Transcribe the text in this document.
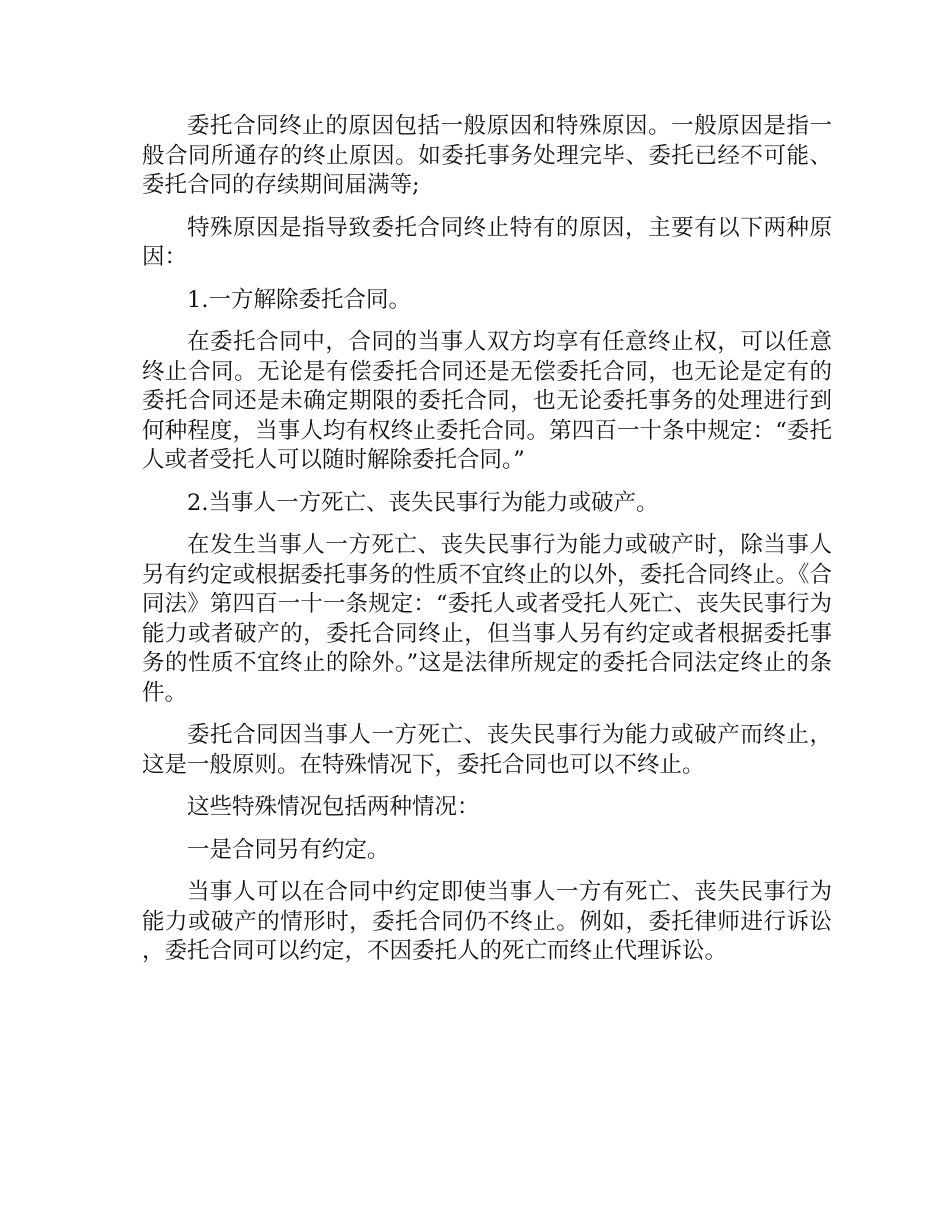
委托合同终止的原因包括一般原因和特殊原因。一般原因是指一般合同所通存的终止原因。如委托事务处理完毕、委托已经不可能、委托合同的存续期间届满等;

特殊原因是指导致委托合同终止特有的原因，主要有以下两种原因：

1.一方解除委托合同。

在委托合同中，合同的当事人双方均享有任意终止权，可以任意终止合同。无论是有偿委托合同还是无偿委托合同，也无论是定有的委托合同还是未确定期限的委托合同，也无论委托事务的处理进行到何种程度，当事人均有权终止委托合同。第四百一十条中规定：“委托人或者受托人可以随时解除委托合同。”

2.当事人一方死亡、丧失民事行为能力或破产。

在发生当事人一方死亡、丧失民事行为能力或破产时，除当事人另有约定或根据委托事务的性质不宜终止的以外，委托合同终止。《合同法》第四百一十一条规定：“委托人或者受托人死亡、丧失民事行为能力或者破产的，委托合同终止，但当事人另有约定或者根据委托事务的性质不宜终止的除外。”这是法律所规定的委托合同法定终止的条件。

委托合同因当事人一方死亡、丧失民事行为能力或破产而终止，这是一般原则。在特殊情况下，委托合同也可以不终止。

这些特殊情况包括两种情况：

一是合同另有约定。

当事人可以在合同中约定即使当事人一方有死亡、丧失民事行为能力或破产的情形时，委托合同仍不终止。例如，委托律师进行诉讼，委托合同可以约定，不因委托人的死亡而终止代理诉讼。
